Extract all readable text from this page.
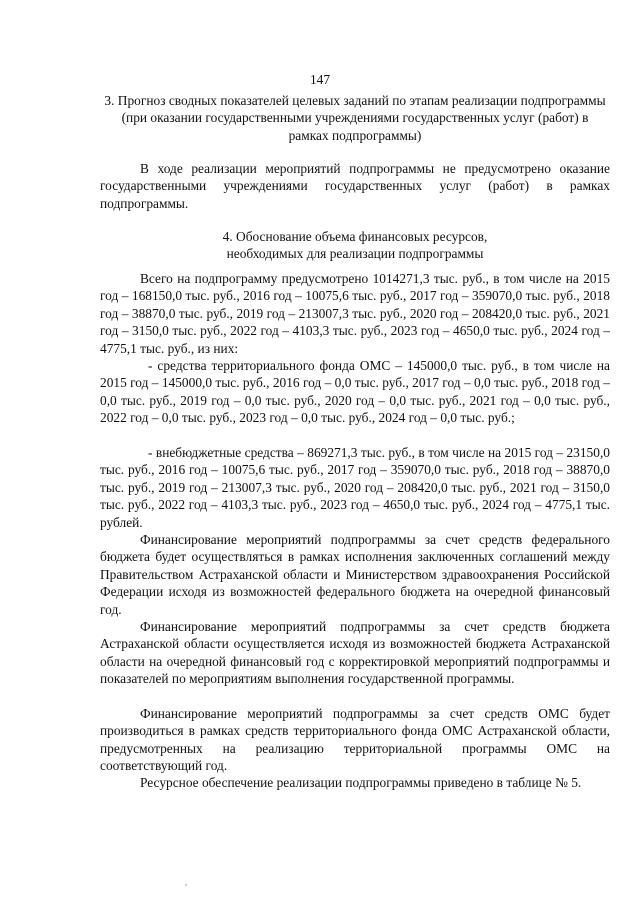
147
3. Прогноз сводных показателей целевых заданий по этапам реализации подпрограммы (при оказании государственными учреждениями государственных услуг (работ) в рамках подпрограммы)

В ходе реализации мероприятий подпрограммы не предусмотрено оказание государственными учреждениями государственных услуг (работ) в рамках подпрограммы.

4. Обоснование объема финансовых ресурсов,
необходимых для реализации подпрограммы

Всего на подпрограмму предусмотрено 1014271,3 тыс. руб., в том числе на 2015 год – 168150,0 тыс. руб., 2016 год – 10075,6 тыс. руб., 2017 год – 359070,0 тыс. руб., 2018 год – 38870,0 тыс. руб., 2019 год – 213007,3 тыс. руб., 2020 год – 208420,0 тыс. руб., 2021 год – 3150,0 тыс. руб., 2022 год – 4103,3 тыс. руб., 2023 год – 4650,0 тыс. руб., 2024 год – 4775,1 тыс. руб., из них:

- средства территориального фонда ОМС – 145000,0 тыс. руб., в том числе на 2015 год – 145000,0 тыс. руб., 2016 год – 0,0 тыс. руб., 2017 год – 0,0 тыс. руб., 2018 год – 0,0 тыс. руб., 2019 год – 0,0 тыс. руб., 2020 год – 0,0 тыс. руб., 2021 год – 0,0 тыс. руб., 2022 год – 0,0 тыс. руб., 2023 год – 0,0 тыс. руб., 2024 год – 0,0 тыс. руб.;

- внебюджетные средства – 869271,3 тыс. руб., в том числе на 2015 год – 23150,0 тыс. руб., 2016 год – 10075,6 тыс. руб., 2017 год – 359070,0 тыс. руб., 2018 год – 38870,0 тыс. руб., 2019 год – 213007,3 тыс. руб., 2020 год – 208420,0 тыс. руб., 2021 год – 3150,0 тыс. руб., 2022 год – 4103,3 тыс. руб., 2023 год – 4650,0 тыс. руб., 2024 год – 4775,1 тыс. рублей.

Финансирование мероприятий подпрограммы за счет средств федерального бюджета будет осуществляться в рамках исполнения заключенных соглашений между Правительством Астраханской области и Министерством здравоохранения Российской Федерации исходя из возможностей федерального бюджета на очередной финансовый год.

Финансирование мероприятий подпрограммы за счет средств бюджета Астраханской области осуществляется исходя из возможностей бюджета Астраханской области на очередной финансовый год с корректировкой мероприятий подпрограммы и показателей по мероприятиям выполнения государственной программы.

Финансирование мероприятий подпрограммы за счет средств ОМС будет производиться в рамках средств территориального фонда ОМС Астраханской области, предусмотренных на реализацию территориальной программы ОМС на соответствующий год.

Ресурсное обеспечение реализации подпрограммы приведено в таблице № 5.
